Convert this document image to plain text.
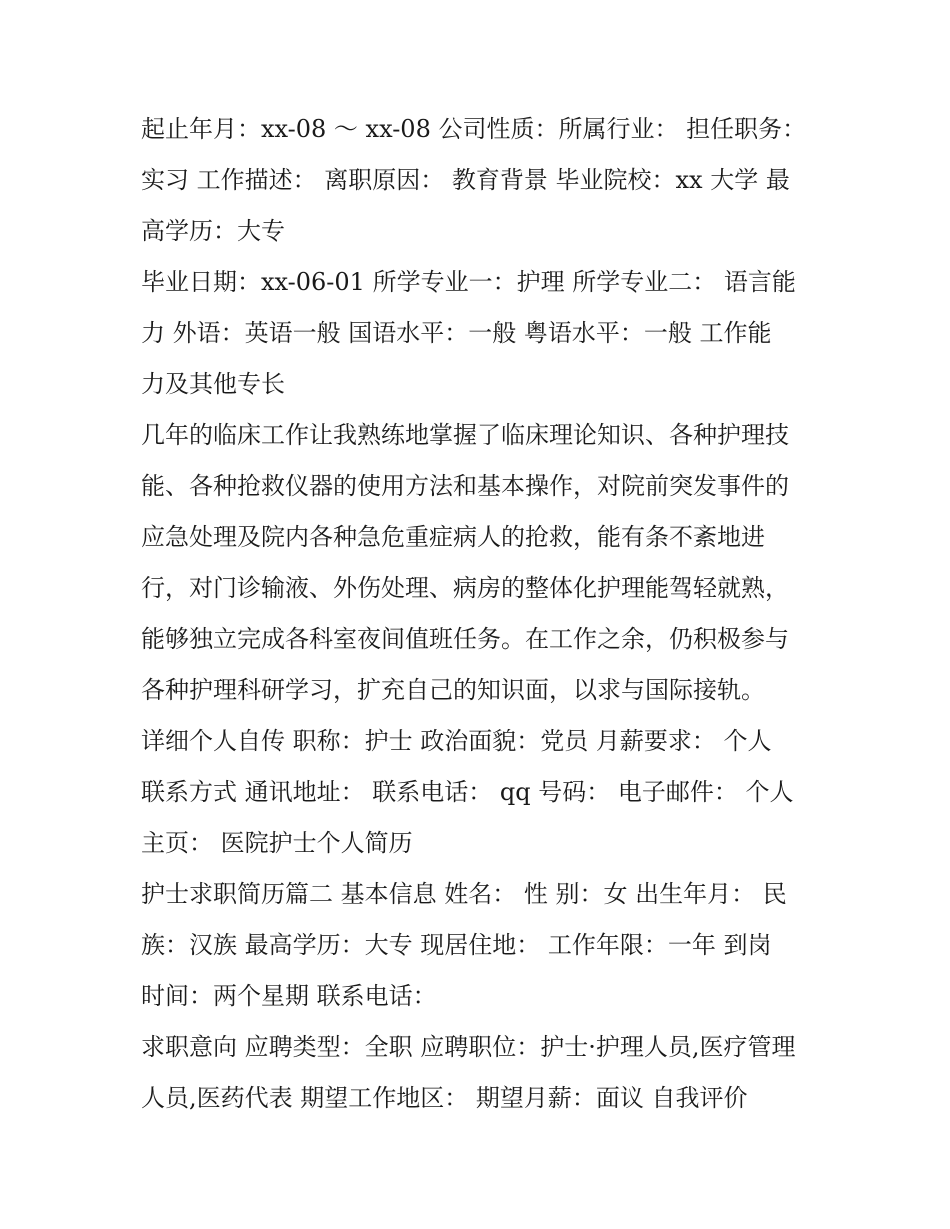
起止年月：xx-08 ～ xx-08 公司性质：所属行业： 担任职务：
实习 工作描述： 离职原因： 教育背景 毕业院校：xx 大学 最
高学历：大专

毕业日期：xx-06-01 所学专业一：护理 所学专业二： 语言能
力 外语：英语一般 国语水平：一般 粤语水平：一般 工作能
力及其他专长

几年的临床工作让我熟练地掌握了临床理论知识、各种护理技
能、各种抢救仪器的使用方法和基本操作，对院前突发事件的
应急处理及院内各种急危重症病人的抢救，能有条不紊地进
行，对门诊输液、外伤处理、病房的整体化护理能驾轻就熟，
能够独立完成各科室夜间值班任务。在工作之余，仍积极参与
各种护理科研学习，扩充自己的知识面，以求与国际接轨。

详细个人自传 职称：护士 政治面貌：党员 月薪要求： 个人
联系方式 通讯地址： 联系电话： qq 号码： 电子邮件： 个人
主页： 医院护士个人简历

护士求职简历篇二 基本信息 姓名： 性 别：女 出生年月： 民
族：汉族 最高学历：大专 现居住地： 工作年限：一年 到岗
时间：两个星期 联系电话：

求职意向 应聘类型：全职 应聘职位：护士·护理人员,医疗管理
人员,医药代表 期望工作地区： 期望月薪：面议 自我评价
